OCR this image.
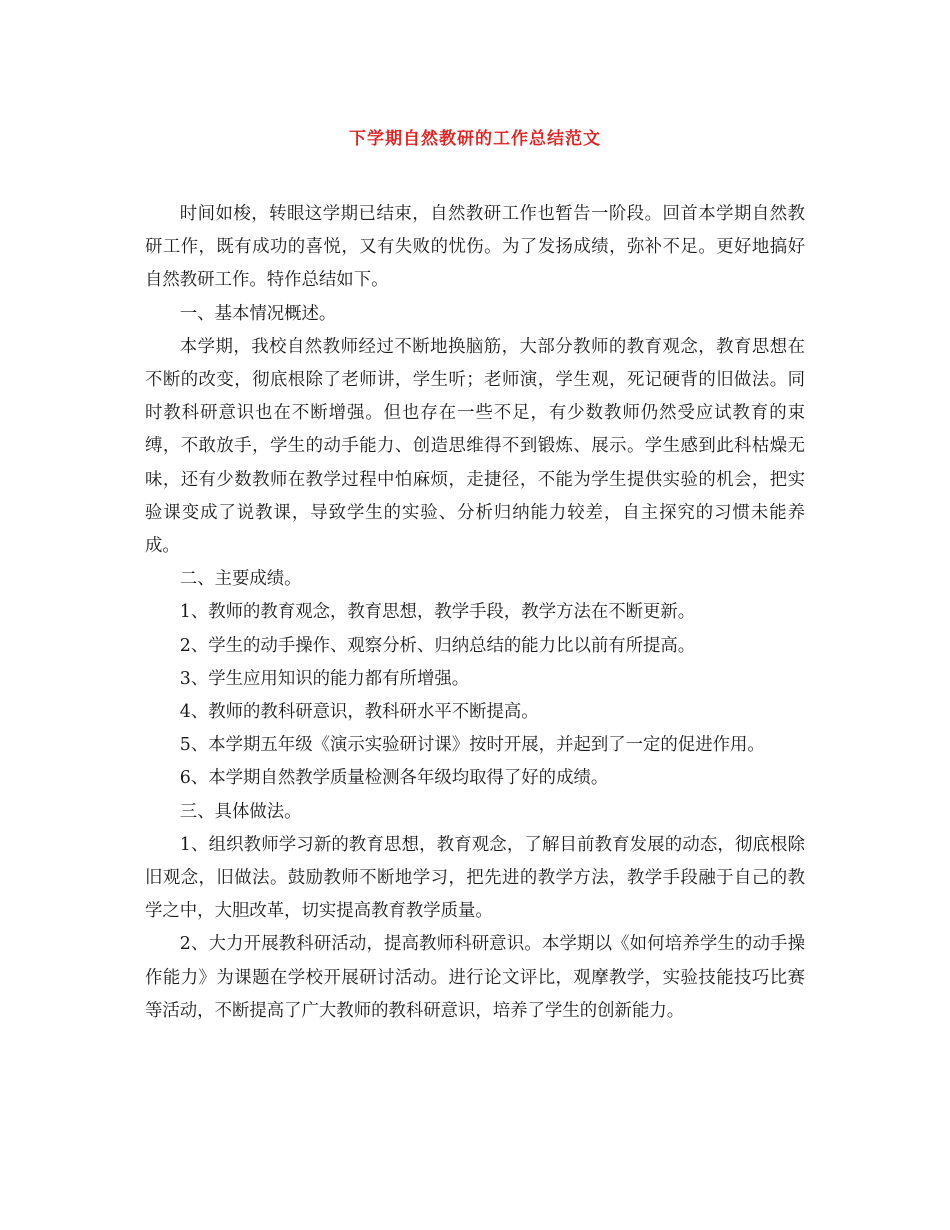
下学期自然教研的工作总结范文

时间如梭，转眼这学期已结束，自然教研工作也暂告一阶段。回首本学期自然教研工作，既有成功的喜悦，又有失败的忧伤。为了发扬成绩，弥补不足。更好地搞好自然教研工作。特作总结如下。

一、基本情况概述。

本学期，我校自然教师经过不断地换脑筋，大部分教师的教育观念，教育思想在不断的改变，彻底根除了老师讲，学生听；老师演，学生观，死记硬背的旧做法。同时教科研意识也在不断增强。但也存在一些不足，有少数教师仍然受应试教育的束缚，不敢放手，学生的动手能力、创造思维得不到锻炼、展示。学生感到此科枯燥无味，还有少数教师在教学过程中怕麻烦，走捷径，不能为学生提供实验的机会，把实验课变成了说教课，导致学生的实验、分析归纳能力较差，自主探究的习惯未能养成。

二、主要成绩。

1、教师的教育观念，教育思想，教学手段，教学方法在不断更新。

2、学生的动手操作、观察分析、归纳总结的能力比以前有所提高。

3、学生应用知识的能力都有所增强。

4、教师的教科研意识，教科研水平不断提高。

5、本学期五年级《演示实验研讨课》按时开展，并起到了一定的促进作用。

6、本学期自然教学质量检测各年级均取得了好的成绩。

三、具体做法。

1、组织教师学习新的教育思想，教育观念，了解目前教育发展的动态，彻底根除旧观念，旧做法。鼓励教师不断地学习，把先进的教学方法，教学手段融于自己的教学之中，大胆改革，切实提高教育教学质量。

2、大力开展教科研活动，提高教师科研意识。本学期以《如何培养学生的动手操作能力》为课题在学校开展研讨活动。进行论文评比，观摩教学，实验技能技巧比赛等活动，不断提高了广大教师的教科研意识，培养了学生的创新能力。
